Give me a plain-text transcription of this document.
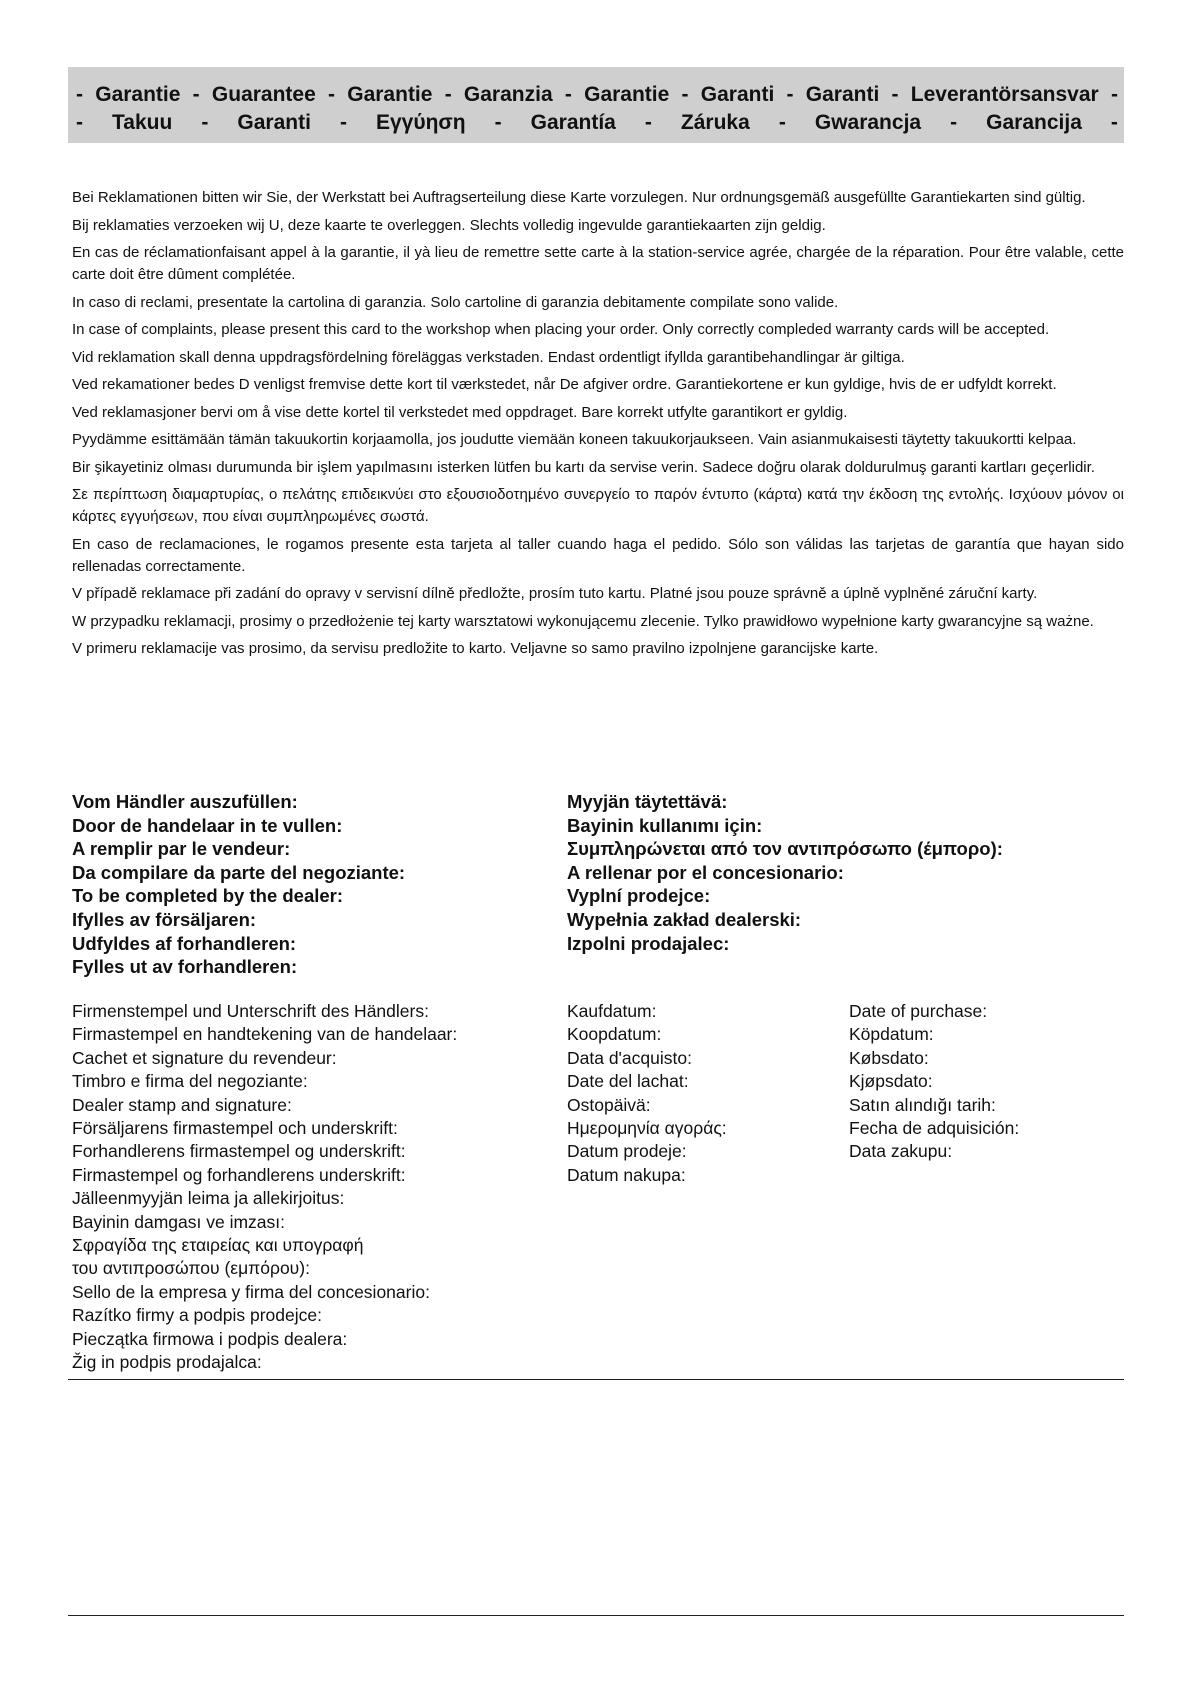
- Garantie - Guarantee - Garantie - Garanzia - Garantie - Garanti - Garanti - Leverantörsansvar -
- Takuu - Garanti - Εγγύηση - Garantía - Záruka - Gwarancja - Garancija -

Bei Reklamationen bitten wir Sie, der Werkstatt bei Auftragserteilung diese Karte vorzulegen. Nur ordnungsgemäß ausgefüllte Garantiekarten sind gültig.

Bij reklamaties verzoeken wij U, deze kaarte te overleggen. Slechts volledig ingevulde garantiekaarten zijn geldig.

En cas de réclamationfaisant appel à la garantie, il yà lieu de remettre sette carte à la station-service agrée, chargée de la réparation. Pour être valable, cette carte doit être dûment complétée.

In caso di reclami, presentate la cartolina di garanzia. Solo cartoline di garanzia debitamente compilate sono valide.

In case of complaints, please present this card to the workshop when placing your order. Only correctly compleded warranty cards will be accepted.

Vid reklamation skall denna uppdragsfördelning föreläggas verkstaden. Endast ordentligt ifyllda garantibehandlingar är giltiga.

Ved rekamationer bedes D venligst fremvise dette kort til værkstedet, når De afgiver ordre. Garantiekortene er kun gyldige, hvis de er udfyldt korrekt.

Ved reklamasjoner bervi om å vise dette kortel til verkstedet med oppdraget. Bare korrekt utfylte garantikort er gyldig.

Pyydämme esittämään tämän takuukortin korjaamolla, jos joudutte viemään koneen takuukorjaukseen. Vain asianmukaisesti täytetty takuukortti kelpaa.

Bir şikayetiniz olması durumunda bir işlem yapılmasını isterken lütfen bu kartı da servise verin. Sadece doğru olarak doldurulmuş garanti kartları geçerlidir.

Σε περίπτωση διαμαρτυρίας, ο πελάτης επιδεικνύει στο εξουσιοδοτημένο συνεργείο το παρόν έντυπο (κάρτα) κατά την έκδοση της εντολής. Ισχύουν μόνον οι κάρτες εγγυήσεων, που είναι συμπληρωμένες σωστά.

En caso de reclamaciones, le rogamos presente esta tarjeta al taller cuando haga el pedido. Sólo son válidas las tarjetas de garantía que hayan sido rellenadas correctamente.

V případě reklamace při zadání do opravy v servisní dílně předložte, prosím tuto kartu. Platné jsou pouze správně a úplně vyplněné záruční karty.

W przypadku reklamacji, prosimy o przedłożenie tej karty warsztatowi wykonującemu zlecenie. Tylko prawidłowo wypełnione karty gwarancyjne są ważne.

V primeru reklamacije vas prosimo, da servisu predložite to karto. Veljavne so samo pravilno izpolnjene garancijske karte.

Vom Händler auszufüllen:
Door de handelaar in te vullen:
A remplir par le vendeur:
Da compilare da parte del negoziante:
To be completed by the dealer:
Ifylles av försäljaren:
Udfyldes af forhandleren:
Fylles ut av forhandleren:
Myyjän täytettävä:
Bayinin kullanımı için:
Συμπληρώνεται από τον αντιπρόσωπο (έμπορο):
A rellenar por el concesionario:
Vyplní prodejce:
Wypełnia zakład dealerski:
Izpolni prodajalec:
Firmenstempel und Unterschrift des Händlers:
Firmastempel en handtekening van de handelaar:
Cachet et signature du revendeur:
Timbro e firma del negoziante:
Dealer stamp and signature:
Försäljarens firmastempel och underskrift:
Forhandlerens firmastempel og underskrift:
Firmastempel og forhandlerens underskrift:
Jälleenmyyjän leima ja allekirjoitus:
Bayinin damgası ve imzası:
Σφραγίδα της εταιρείας και υπογραφή
του αντιπροσώπου (εμπόρου):
Sello de la empresa y firma del concesionario:
Razítko firmy a podpis prodejce:
Pieczątka firmowa i podpis dealera:
Žig in podpis prodajalca:
Kaufdatum:
Koopdatum:
Data d'acquisto:
Date del lachat:
Ostopäivä:
Ημερομηνία αγοράς:
Datum prodeje:
Datum nakupa:
Date of purchase:
Köpdatum:
Købsdato:
Kjøpsdato:
Satın alındığı tarih:
Fecha de adquisición:
Data zakupu:
